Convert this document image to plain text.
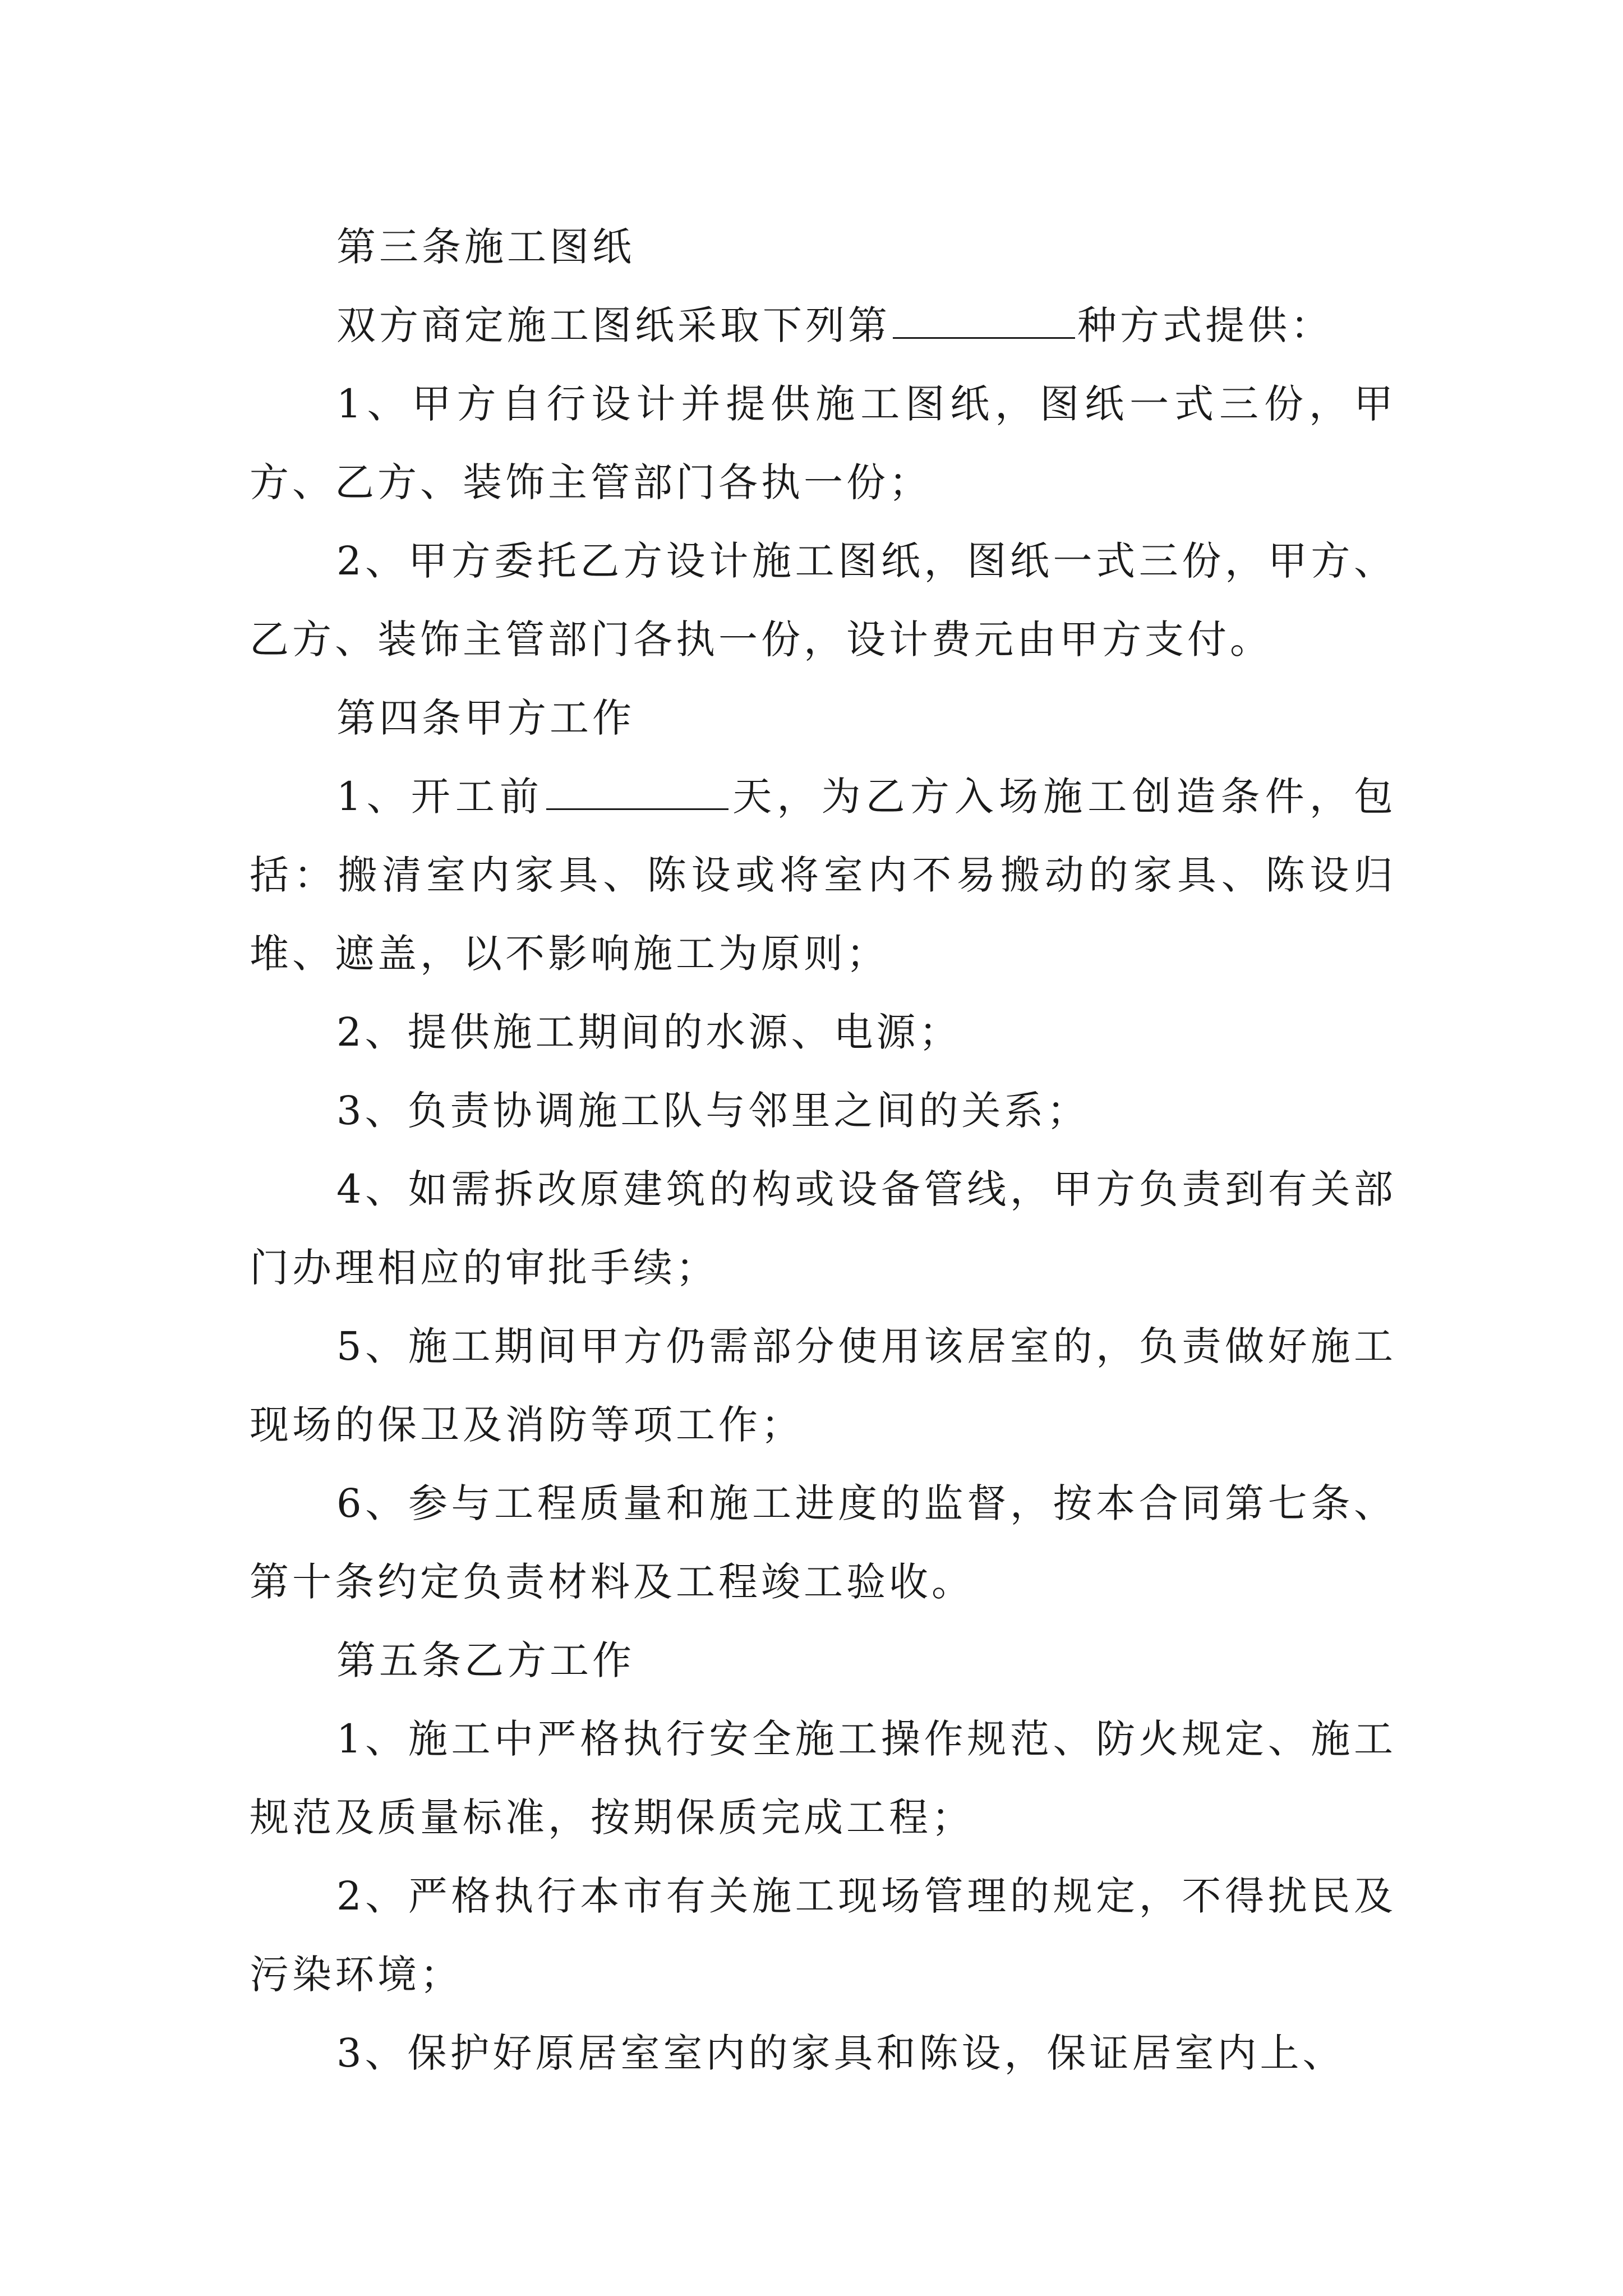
第三条施工图纸

双方商定施工图纸采取下列第	种方式提供：

1、甲方自行设计并提供施工图纸，图纸一式三份，甲方、乙方、装饰主管部门各执一份；

2、甲方委托乙方设计施工图纸，图纸一式三份，甲方、乙方、装饰主管部门各执一份，设计费元由甲方支付。

第四条甲方工作

1、开工前	天，为乙方入场施工创造条件，包括：搬清室内家具、陈设或将室内不易搬动的家具、陈设归堆、遮盖，以不影响施工为原则；

2、提供施工期间的水源、电源；

3、负责协调施工队与邻里之间的关系；

4、如需拆改原建筑的构或设备管线，甲方负责到有关部门办理相应的审批手续；

5、施工期间甲方仍需部分使用该居室的，负责做好施工现场的保卫及消防等项工作；

6、参与工程质量和施工进度的监督，按本合同第七条、第十条约定负责材料及工程竣工验收。

第五条乙方工作

1、施工中严格执行安全施工操作规范、防火规定、施工规范及质量标准，按期保质完成工程；

2、严格执行本市有关施工现场管理的规定，不得扰民及污染环境；

3、保护好原居室室内的家具和陈设，保证居室内上、
